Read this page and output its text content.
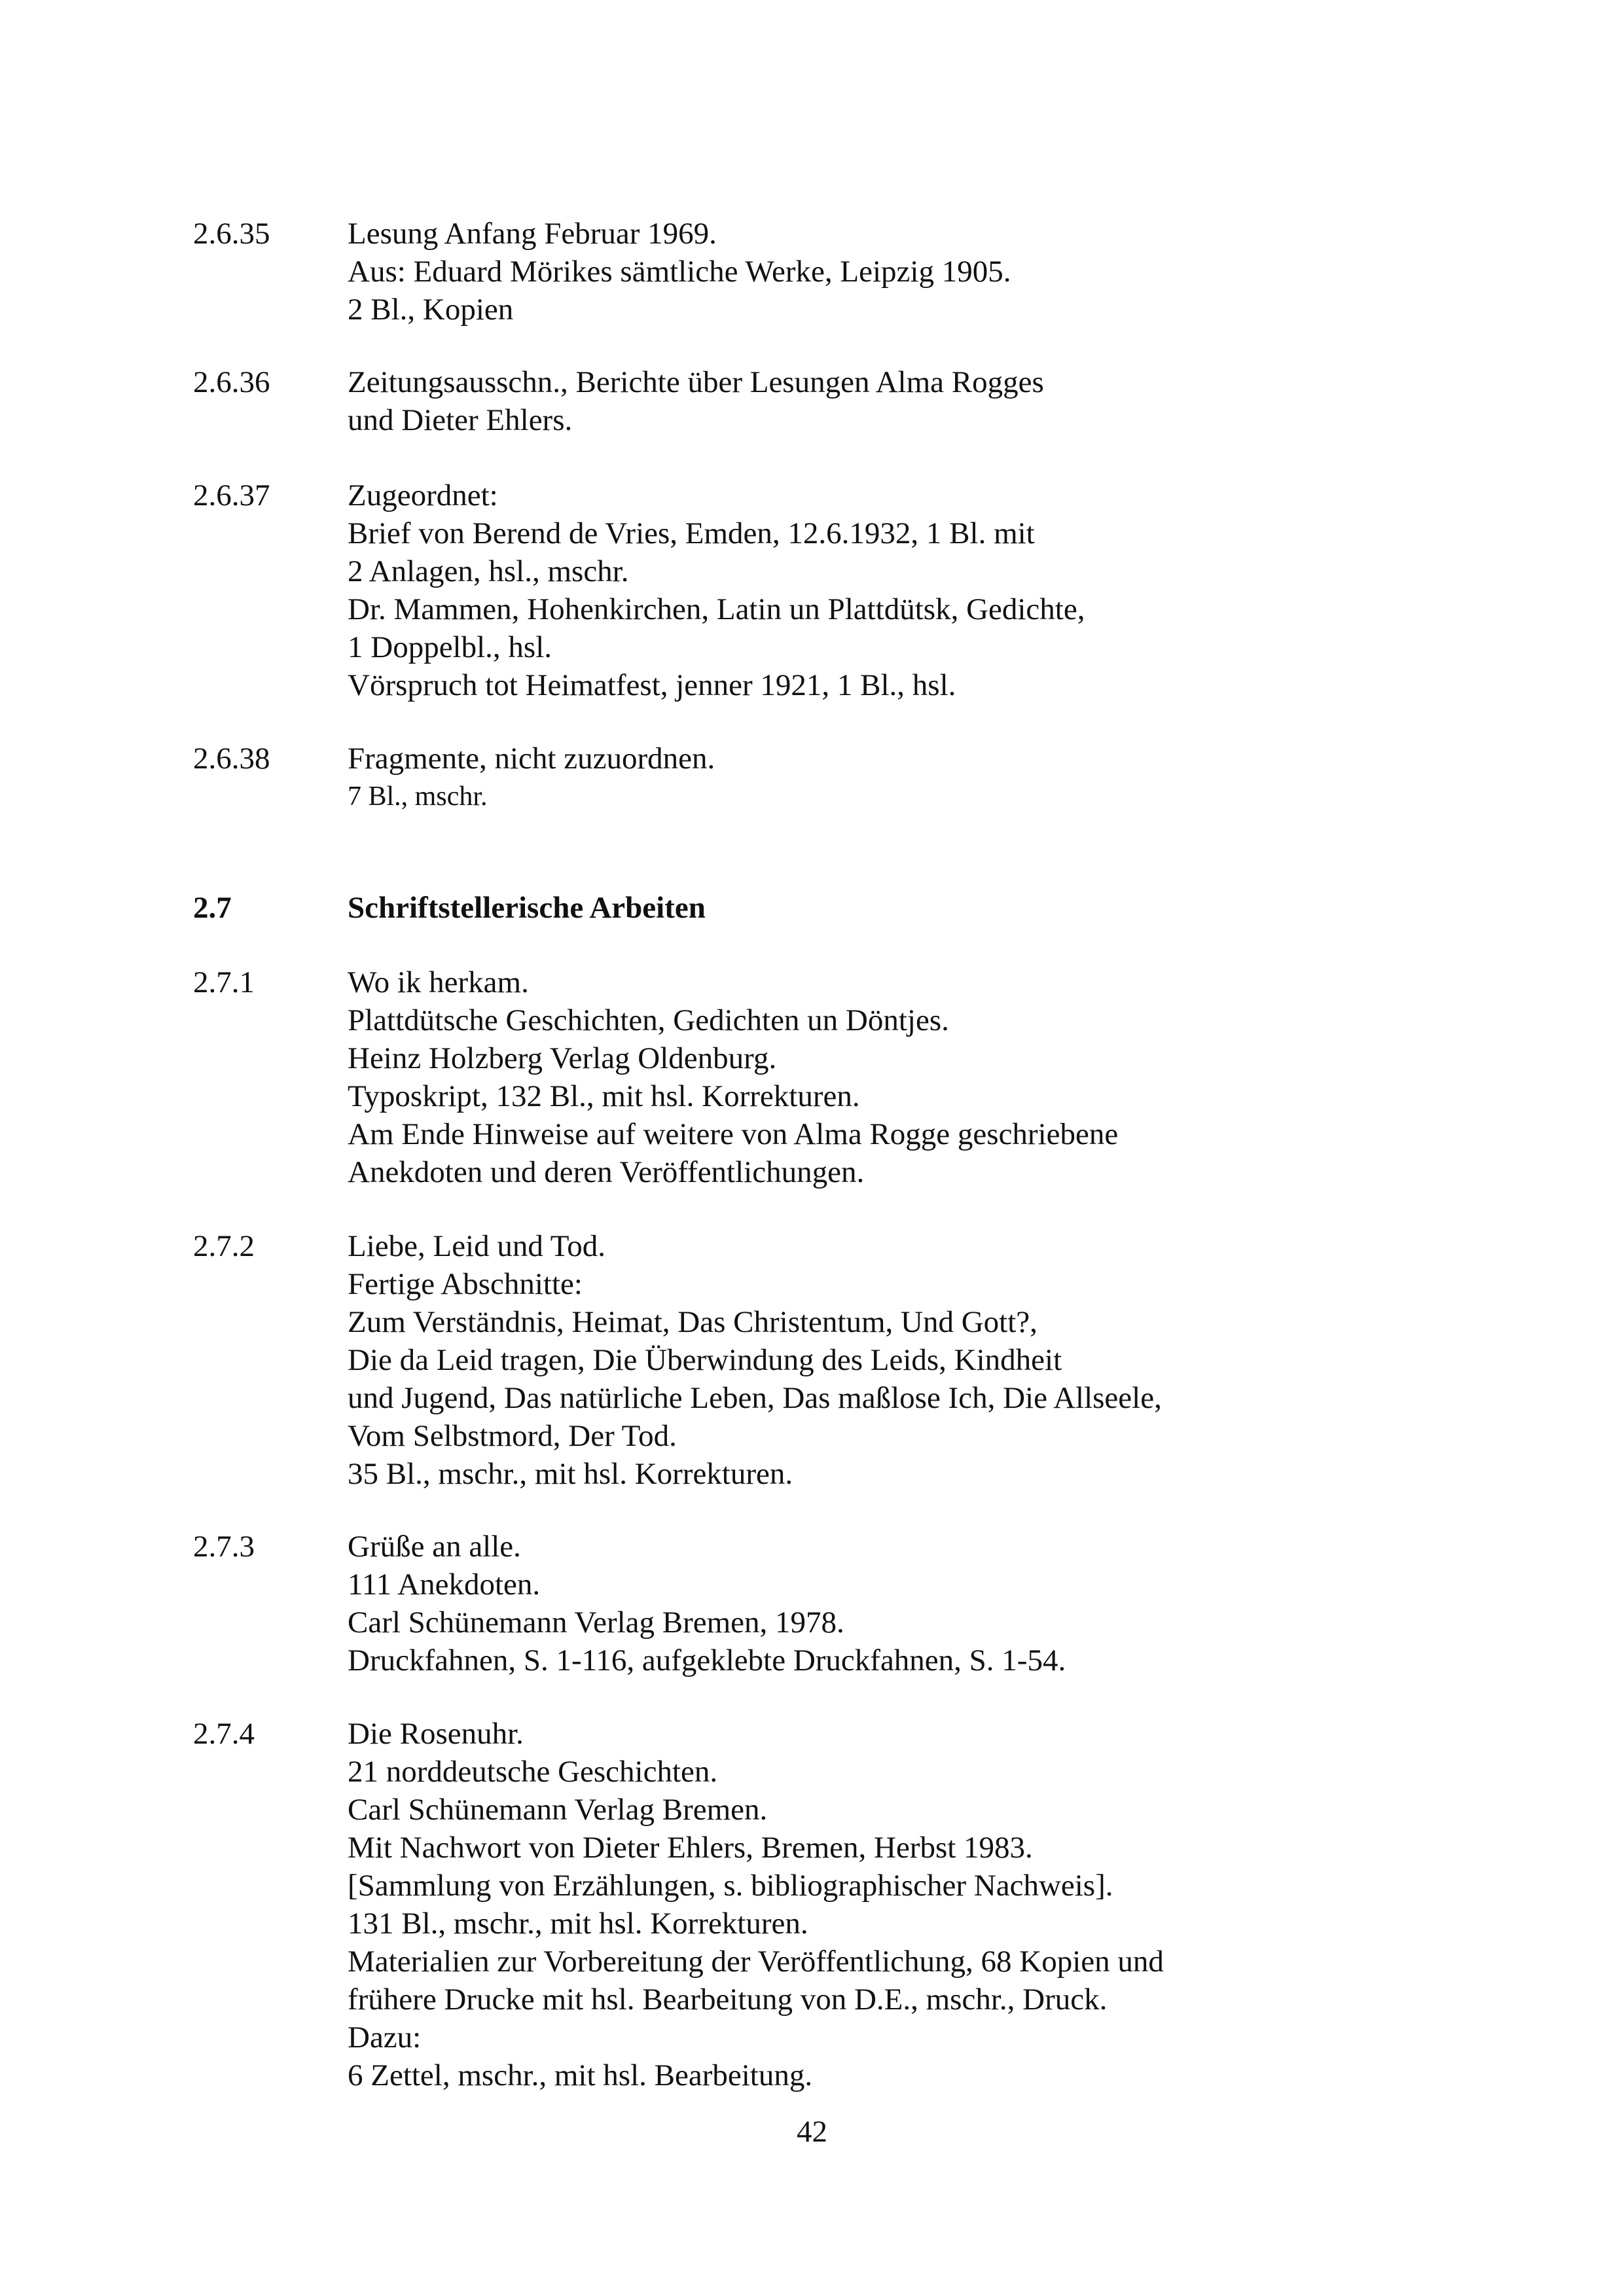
2.6.35	Lesung Anfang Februar 1969.
Aus: Eduard Mörikes sämtliche Werke, Leipzig 1905.
2 Bl., Kopien
2.6.36	Zeitungsausschn., Berichte über Lesungen Alma Rogges
und Dieter Ehlers.
2.6.37	Zugeordnet:
Brief von Berend de Vries, Emden, 12.6.1932, 1 Bl. mit
2 Anlagen, hsl., mschr.
Dr. Mammen, Hohenkirchen, Latin un Plattdütsk, Gedichte,
1 Doppelbl., hsl.
Vörspruch tot Heimatfest, jenner 1921, 1 Bl., hsl.
2.6.38	Fragmente, nicht zuzuordnen.
7 Bl., mschr.
2.7	Schriftstellerische Arbeiten
2.7.1	Wo ik herkam.
Plattdütsche Geschichten, Gedichten un Döntjes.
Heinz Holzberg Verlag Oldenburg.
Typoskript, 132 Bl., mit hsl. Korrekturen.
Am Ende Hinweise auf weitere von Alma Rogge geschriebene
Anekdoten und deren Veröffentlichungen.
2.7.2	Liebe, Leid und Tod.
Fertige Abschnitte:
Zum Verständnis, Heimat, Das Christentum, Und Gott?,
Die da Leid tragen, Die Überwindung des Leids, Kindheit
und Jugend, Das natürliche Leben, Das maßlose Ich, Die Allseele,
Vom Selbstmord, Der Tod.
35 Bl., mschr., mit hsl. Korrekturen.
2.7.3	Grüße an alle.
111 Anekdoten.
Carl Schünemann Verlag Bremen, 1978.
Druckfahnen, S. 1-116, aufgeklebte Druckfahnen, S. 1-54.
2.7.4	Die Rosenuhr.
21 norddeutsche Geschichten.
Carl Schünemann Verlag Bremen.
Mit Nachwort von Dieter Ehlers, Bremen, Herbst 1983.
[Sammlung von Erzählungen, s. bibliographischer Nachweis].
131 Bl., mschr., mit hsl. Korrekturen.
Materialien zur Vorbereitung der Veröffentlichung, 68 Kopien und
frühere Drucke mit hsl. Bearbeitung von D.E., mschr., Druck.
Dazu:
6 Zettel, mschr., mit hsl. Bearbeitung.
42
